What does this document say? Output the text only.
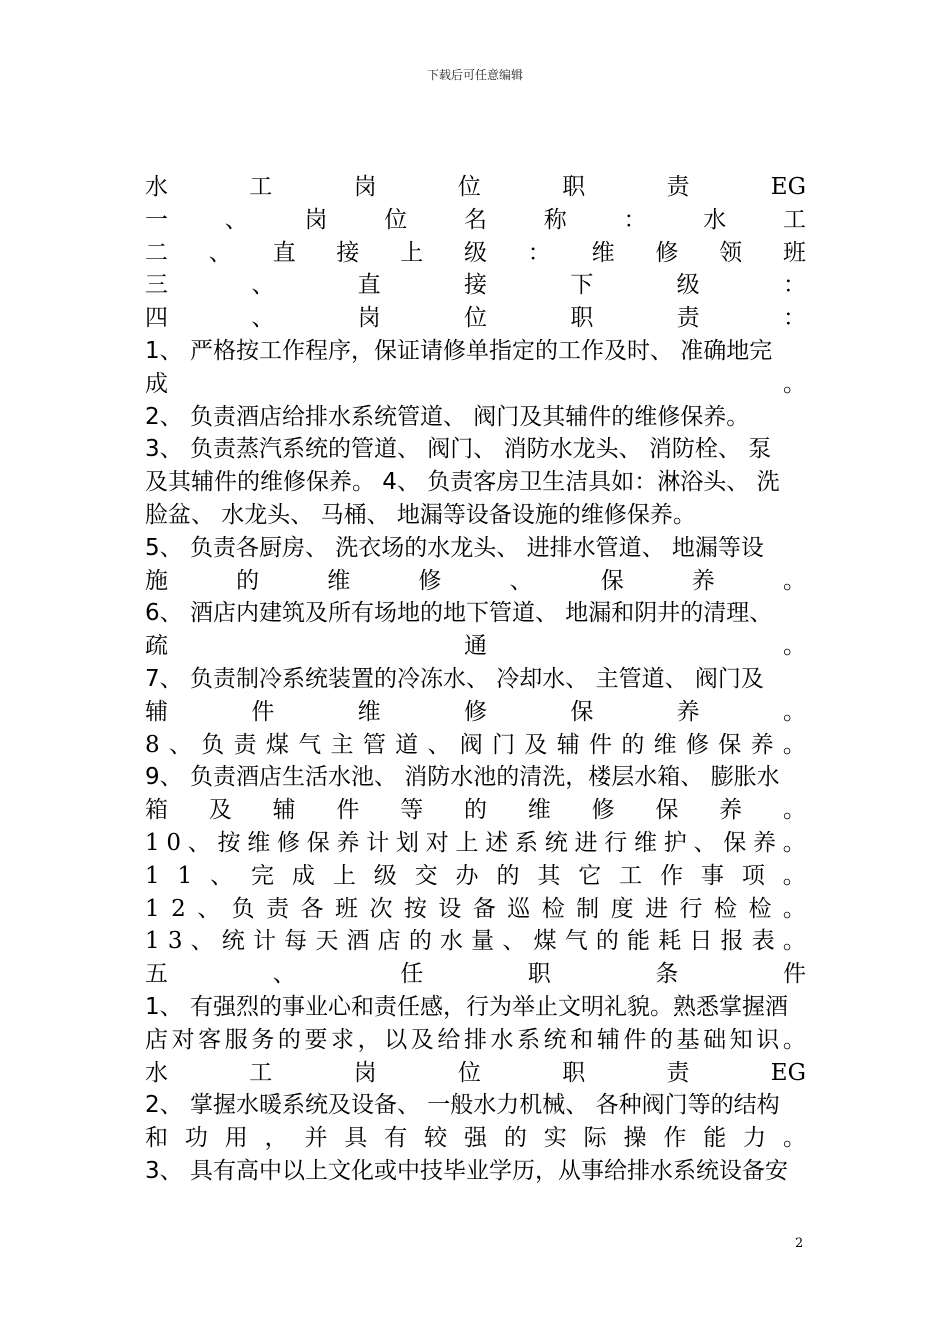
下载后可任意编辑
水	工	岗	位	职	责	EG
一 、 岗 位 名 称 ： 水 工
二 、 直 接 上 级 ： 维 修 领 班
三	、	直	接	下	级	：
四	、	岗	位	职	责	：
1、 严格按工作程序，保证请修单指定的工作及时、 准确地完
成	。
2、 负责酒店给排水系统管道、 阀门及其辅件的维修保养。
3、 负责蒸汽系统的管道、 阀门、 消防水龙头、 消防栓、 泵
及其辅件的维修保养。 4、 负责客房卫生洁具如：淋浴头、 洗
脸盆、 水龙头、 马桶、 地漏等设备设施的维修保养。
5、 负责各厨房、 洗衣场的水龙头、 进排水管道、 地漏等设
施	的	维	修	、	保	养	。
6、 酒店内建筑及所有场地的地下管道、 地漏和阴井的清理、
疏	通	。
7、 负责制冷系统装置的冷冻水、 冷却水、 主管道、 阀门及
辅	件	维	修	保	养	。
8 、 负 责 煤 气 主 管 道 、 阀 门 及 辅 件 的 维 修 保 养 。
9、 负责酒店生活水池、 消防水池的清洗，楼层水箱、 膨胀水
箱 及 辅 件 等 的 维 修 保 养 。
1 0 、 按 维 修 保 养 计 划 对 上 述 系 统 进 行 维 护 、 保 养 。
1 1 、 完 成 上 级 交 办 的 其 它 工 作 事 项 。
1 2 、 负 责 各 班 次 按 设 备 巡 检 制 度 进 行 检 检 。
1 3 、 统 计 每 天 酒 店 的 水 量 、 煤 气 的 能 耗 日 报 表 。
五	、	任	职	条	件
1、 有强烈的事业心和责任感，行为举止文明礼貌。熟悉掌握酒
店 对 客 服 务 的 要 求 ， 以 及 给 排 水 系 统 和 辅 件 的 基 础 知 识 。
水	工	岗	位	职	责	EG
2、 掌握水暖系统及设备、 一般水力机械、 各种阀门等的结构
和 功 用 ， 并 具 有 较 强 的 实 际 操 作 能 力 。
3、 具有高中以上文化或中技毕业学历，从事给排水系统设备安
2
